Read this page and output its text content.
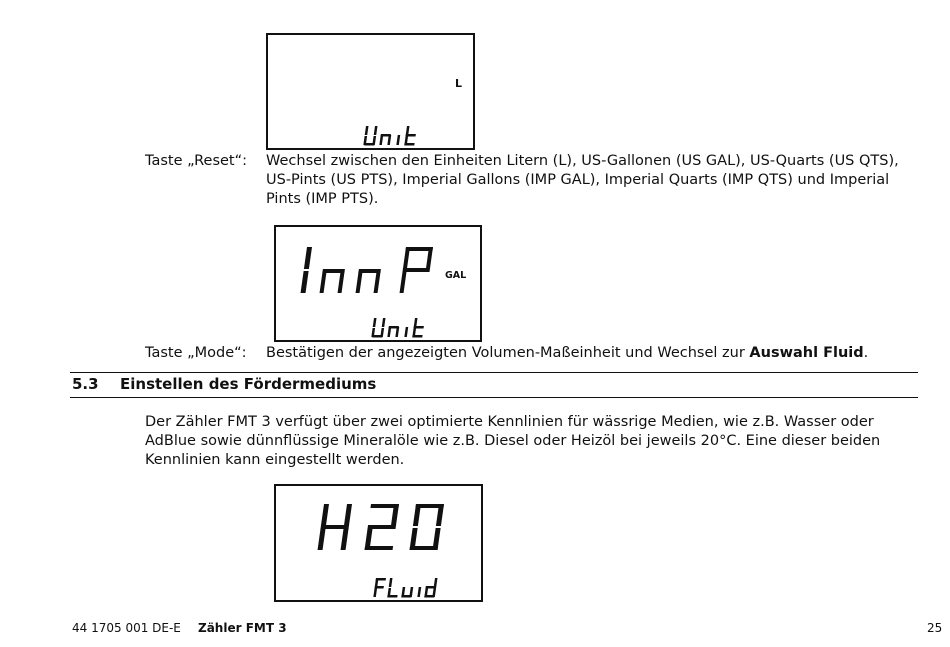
L
Taste „Reset“: Wechsel zwischen den Einheiten Litern (L), US-Gallonen (US GAL), US-Quarts (US QTS), US-Pints (US PTS), Imperial Gallons (IMP GAL), Imperial Quarts (IMP QTS) und Imperial Pints (IMP PTS).

GAL
Taste „Mode“: Bestätigen der angezeigten Volumen-Maßeinheit und Wechsel zur Auswahl Fluid.

5.3 Einstellen des Fördermediums

Der Zähler FMT 3 verfügt über zwei optimierte Kennlinien für wässrige Medien, wie z.B. Wasser oder AdBlue sowie dünnflüssige Mineralöle wie z.B. Diesel oder Heizöl bei jeweils 20°C. Eine dieser beiden Kennlinien kann eingestellt werden.

44 1705 001 DE-E Zähler FMT 3	25
